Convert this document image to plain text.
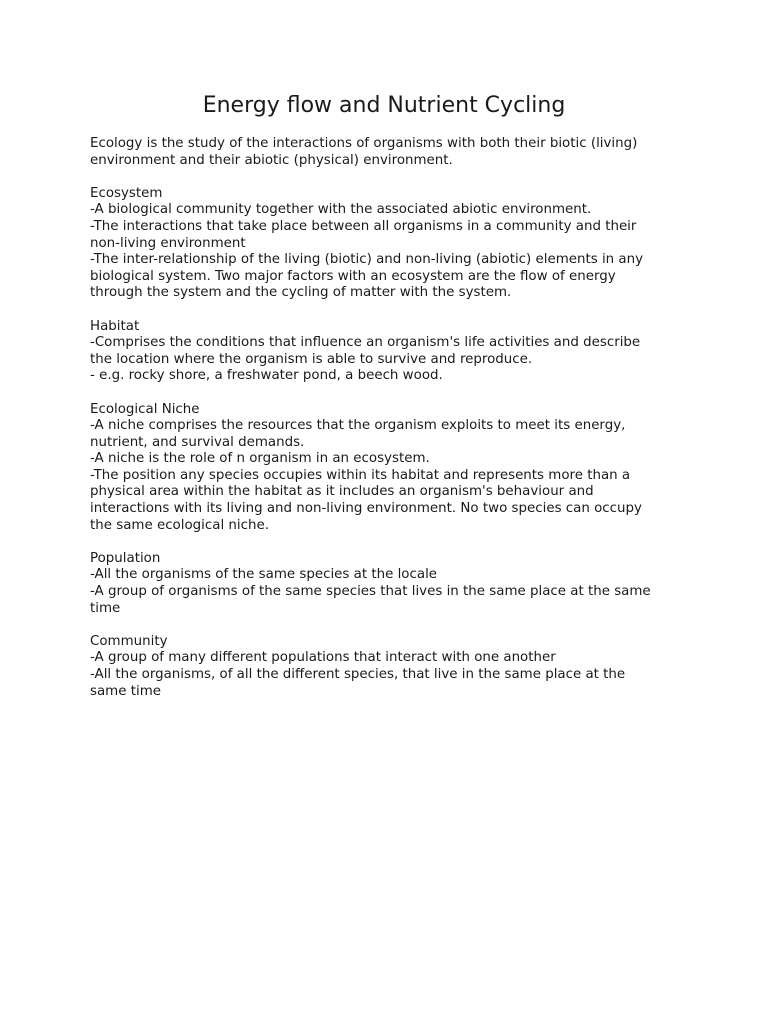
Energy flow and Nutrient Cycling

Ecology is the study of the interactions of organisms with both their biotic (living)
environment and their abiotic (physical) environment.

Ecosystem
-A biological community together with the associated abiotic environment.
-The interactions that take place between all organisms in a community and their
non-living environment
-The inter-relationship of the living (biotic) and non-living (abiotic) elements in any
biological system. Two major factors with an ecosystem are the flow of energy
through the system and the cycling of matter with the system.
Habitat
-Comprises the conditions that influence an organism's life activities and describe
the location where the organism is able to survive and reproduce.
- e.g. rocky shore, a freshwater pond, a beech wood.
Ecological Niche
-A niche comprises the resources that the organism exploits to meet its energy,
nutrient, and survival demands.
-A niche is the role of n organism in an ecosystem.
-The position any species occupies within its habitat and represents more than a
physical area within the habitat as it includes an organism's behaviour and
interactions with its living and non-living environment. No two species can occupy
the same ecological niche.
Population
-All the organisms of the same species at the locale
-A group of organisms of the same species that lives in the same place at the same
time
Community
-A group of many different populations that interact with one another
-All the organisms, of all the different species, that live in the same place at the
same time
